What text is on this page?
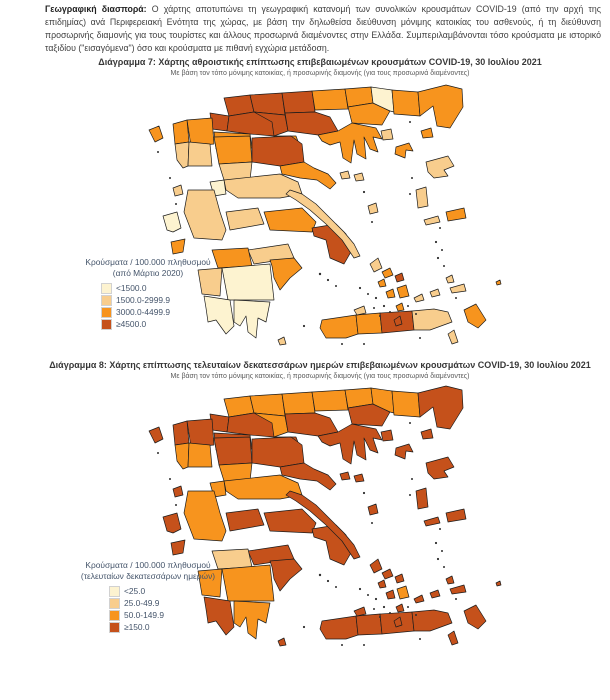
Γεωγραφική διασπορά: Ο χάρτης αποτυπώνει τη γεωγραφική κατανομή των συνολικών κρουσμάτων COVID-19 (από την αρχή της επιδημίας) ανά Περιφερειακή Ενότητα της χώρας, με βάση την δηλωθείσα διεύθυνση μόνιμης κατοικίας του ασθενούς, ή τη διεύθυνση προσωρινής διαμονής για τους τουρίστες και άλλους προσωρινά διαμένοντες στην Ελλάδα. Συμπεριλαμβάνονται τόσο κρούσματα με ιστορικό ταξιδίου ("εισαγόμενα") όσο και κρούσματα με πιθανή εγχώρια μετάδοση.

Διάγραμμα 7: Χάρτης αθροιστικής επίπτωσης επιβεβαιωμένων κρουσμάτων COVID-19, 30 Ιουλίου 2021

Με βάση τον τόπο μόνιμης κατοικίας, ή προσωρινής διαμονής (για τους προσωρινά διαμένοντες)

Κρούσματα / 100.000 πληθυσμού

(από Μάρτιο 2020)

<1500.0
1500.0-2999.9
3000.0-4499.9
≥4500.0

Διάγραμμα 8: Χάρτης επίπτωσης τελευταίων δεκατεσσάρων ημερών επιβεβαιωμένων κρουσμάτων COVID-19, 30 Ιουλίου 2021

Με βάση τον τόπο μόνιμης κατοικίας, ή προσωρινής διαμονής (για τους προσωρινά διαμένοντες)

Κρούσματα / 100.000 πληθυσμού

(τελευταίων δεκατεσσάρων ημερών)

<25.0
25.0-49.9
50.0-149.9
≥150.0
